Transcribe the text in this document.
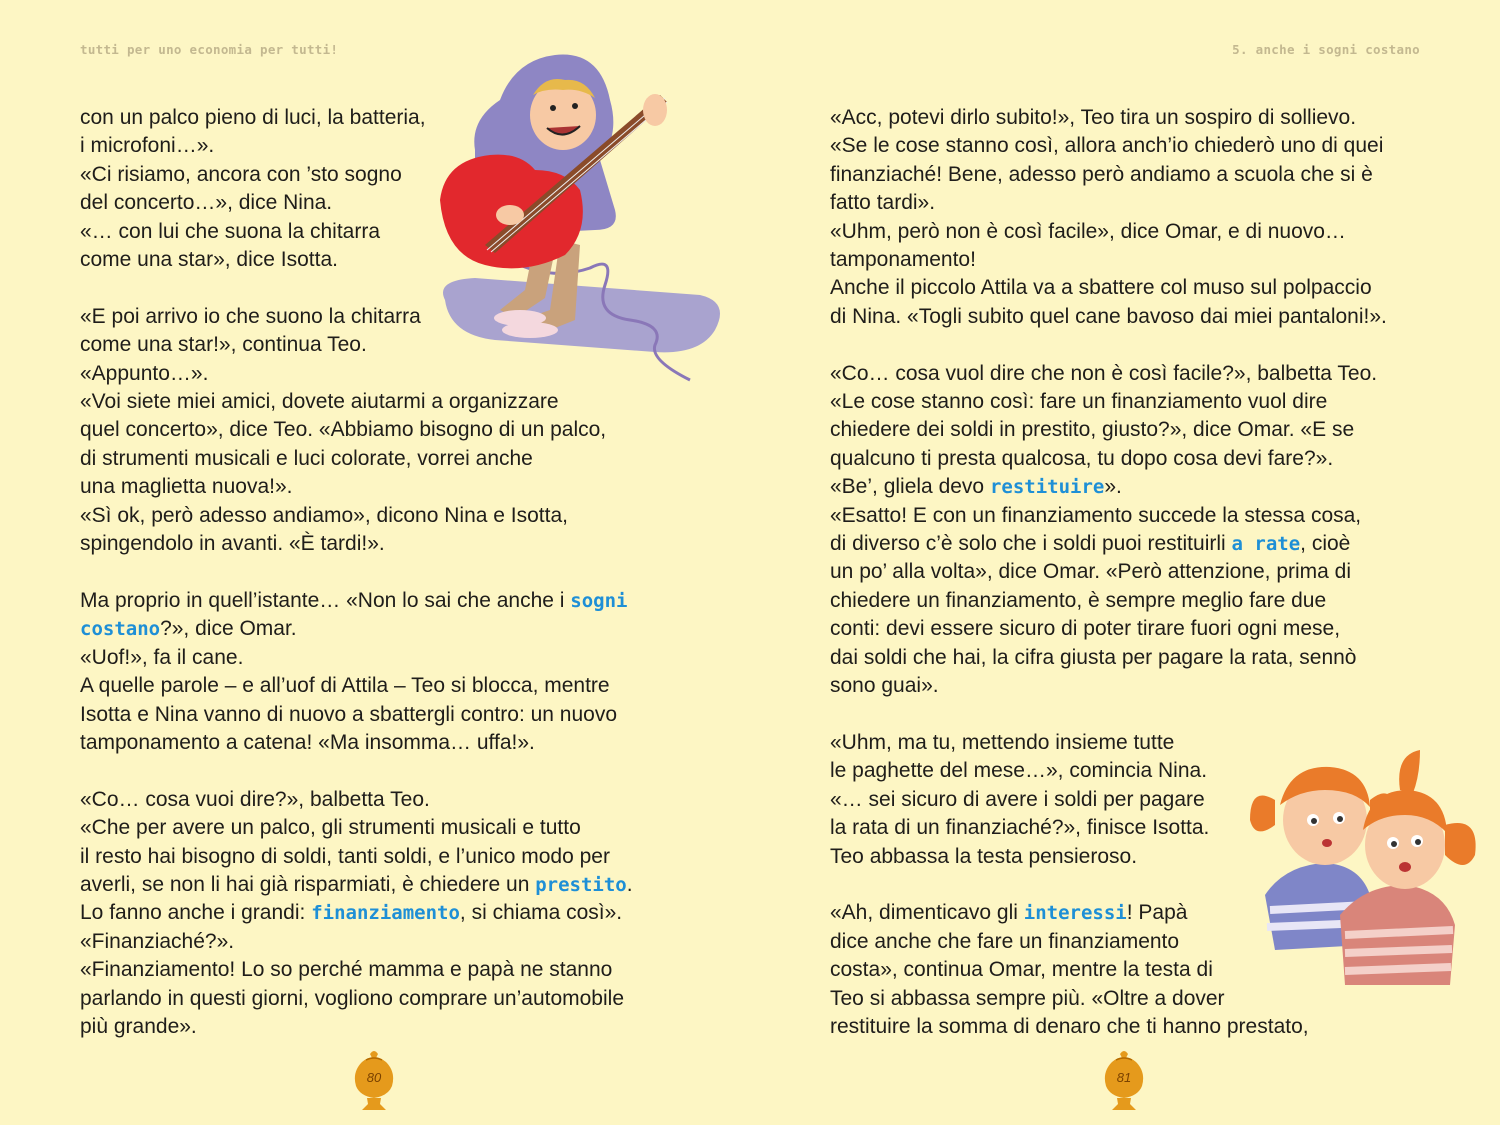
tutti per uno economia per tutti!

con un palco pieno di luci, la batteria,

i microfoni…».

«Ci risiamo, ancora con ’sto sogno

del concerto…», dice Nina.

«… con lui che suona la chitarra

come una star», dice Isotta.

«E poi arrivo io che suono la chitarra

come una star!», continua Teo.

«Appunto…».

«Voi siete miei amici, dovete aiutarmi a organizzare

quel concerto», dice Teo. «Abbiamo bisogno di un palco,

di strumenti musicali e luci colorate, vorrei anche

una maglietta nuova!».

«Sì ok, però adesso andiamo», dicono Nina e Isotta,

spingendolo in avanti. «È tardi!».

Ma proprio in quell’istante… «Non lo sai che anche i sogni

costano?», dice Omar.

«Uof!», fa il cane.

A quelle parole – e all’uof di Attila – Teo si blocca, mentre

Isotta e Nina vanno di nuovo a sbattergli contro: un nuovo

tamponamento a catena! «Ma insomma… uffa!».

«Co… cosa vuoi dire?», balbetta Teo.

«Che per avere un palco, gli strumenti musicali e tutto

il resto hai bisogno di soldi, tanti soldi, e l’unico modo per

averli, se non li hai già risparmiati, è chiedere un prestito.

Lo fanno anche i grandi: finanziamento, si chiama così».

«Finanziaché?».

«Finanziamento! Lo so perché mamma e papà ne stanno

parlando in questi giorni, vogliono comprare un’automobile

più grande».

80
5. anche i sogni costano

«Acc, potevi dirlo subito!», Teo tira un sospiro di sollievo.

«Se le cose stanno così, allora anch’io chiederò uno di quei

finanziaché! Bene, adesso però andiamo a scuola che si è

fatto tardi».

«Uhm, però non è così facile», dice Omar, e di nuovo…

tamponamento!

Anche il piccolo Attila va a sbattere col muso sul polpaccio

di Nina. «Togli subito quel cane bavoso dai miei pantaloni!».

«Co… cosa vuol dire che non è così facile?», balbetta Teo.

«Le cose stanno così: fare un finanziamento vuol dire

chiedere dei soldi in prestito, giusto?», dice Omar. «E se

qualcuno ti presta qualcosa, tu dopo cosa devi fare?».

«Be’, gliela devo restituire».

«Esatto! E con un finanziamento succede la stessa cosa,

di diverso c’è solo che i soldi puoi restituirli a rate, cioè

un po’ alla volta», dice Omar. «Però attenzione, prima di

chiedere un finanziamento, è sempre meglio fare due

conti: devi essere sicuro di poter tirare fuori ogni mese,

dai soldi che hai, la cifra giusta per pagare la rata, sennò

sono guai».

«Uhm, ma tu, mettendo insieme tutte

le paghette del mese…», comincia Nina.

«… sei sicuro di avere i soldi per pagare

la rata di un finanziaché?», finisce Isotta.

Teo abbassa la testa pensieroso.

«Ah, dimenticavo gli interessi! Papà

dice anche che fare un finanziamento

costa», continua Omar, mentre la testa di

Teo si abbassa sempre più. «Oltre a dover

restituire la somma di denaro che ti hanno prestato,

81
